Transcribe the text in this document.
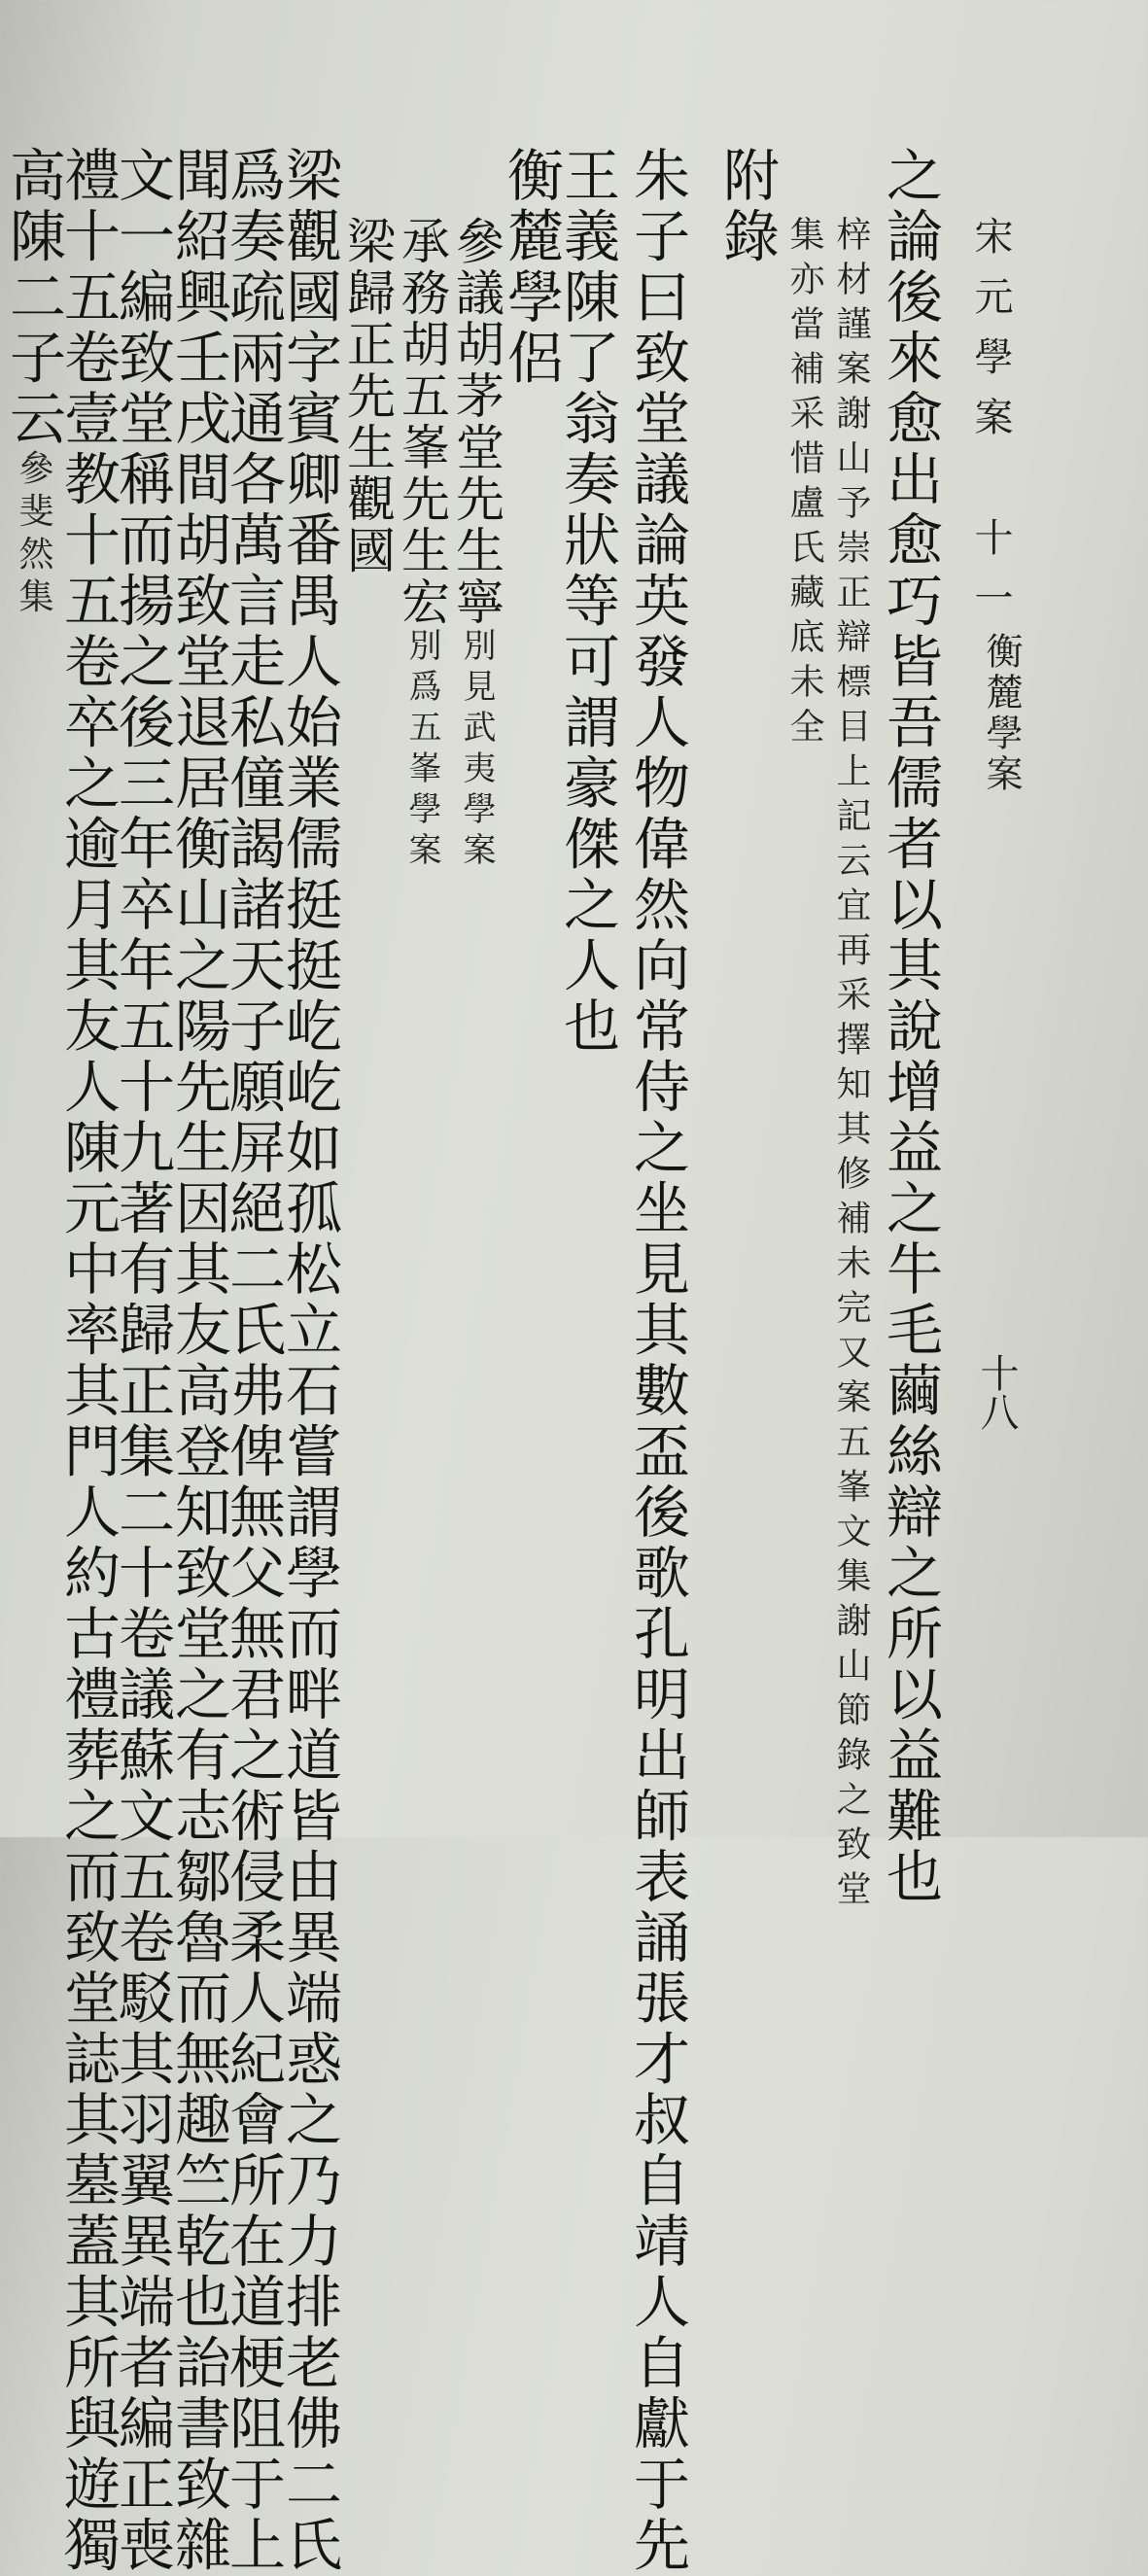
宋元學案　十一
衡麓學案
十八
之論後來愈出愈巧皆吾儒者以其說增益之牛毛繭絲辯之所以益難也
梓材謹案謝山予崇正辯標目上記云宜再采擇知其修補未完又案五峯文集謝山節錄之致堂
集亦當補采惜盧氏藏底未全
附錄
朱子曰致堂議論英發人物偉然向常侍之坐見其數盃後歌孔明出師表誦張才叔自靖人自獻于先
王義陳了翁奏狀等可謂豪傑之人也
衡麓學侶
參議胡茅堂先生寧別見武夷學案
承務胡五峯先生宏別爲五峯學案
梁歸正先生觀國
梁觀國字賓卿番禺人始業儒挺挺屹屹如孤松立石嘗謂學而畔道皆由異端惑之乃力排老佛二氏
爲奏疏兩通各萬言走私僮謁諸天子願屏絕二氏弗俾無父無君之術侵柔人紀會所在道梗阻于上
聞紹興壬戌間胡致堂退居衡山之陽先生因其友高登知致堂之有志鄒魯而無趣竺乾也詒書致雜
文一編致堂稱而揚之後三年卒年五十九著有歸正集二十卷議蘇文五卷駁其羽翼異端者編正喪
禮十五卷壹教十五卷卒之逾月其友人陳元中率其門人約古禮葬之而致堂誌其墓蓋其所與遊獨
高陳二子云參斐然集
